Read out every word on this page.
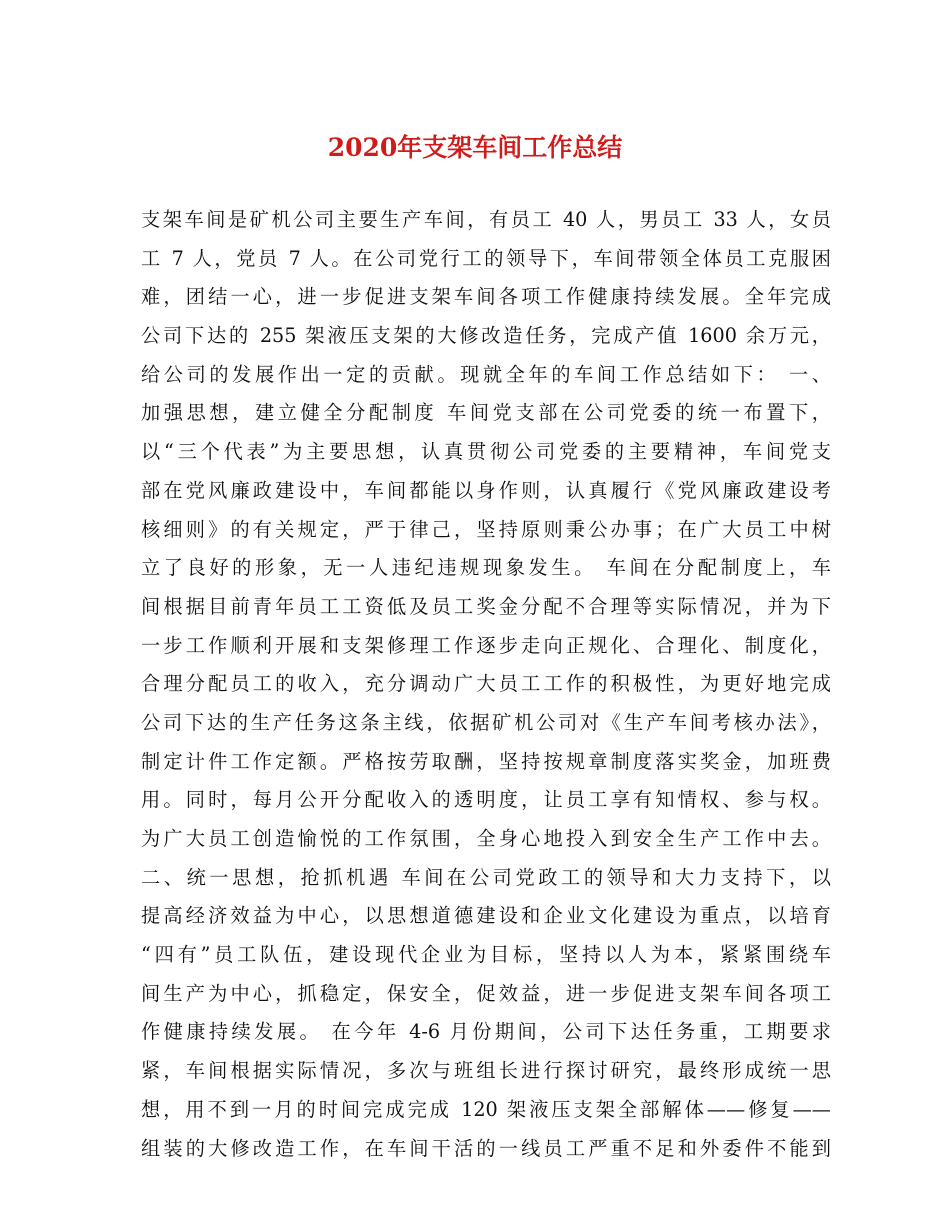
2020年支架车间工作总结
支架车间是矿机公司主要生产车间，有员工 40 人，男员工 33 人，女员
工 7 人，党员 7 人。在公司党行工的领导下，车间带领全体员工克服困
难，团结一心，进一步促进支架车间各项工作健康持续发展。全年完成
公司下达的 255 架液压支架的大修改造任务，完成产值 1600 余万元，
给公司的发展作出一定的贡献。现就全年的车间工作总结如下： 一、
加强思想，建立健全分配制度 车间党支部在公司党委的统一布置下，
以“三个代表”为主要思想，认真贯彻公司党委的主要精神，车间党支
部在党风廉政建设中，车间都能以身作则，认真履行《党风廉政建设考
核细则》的有关规定，严于律己，坚持原则秉公办事；在广大员工中树
立了良好的形象，无一人违纪违规现象发生。 车间在分配制度上，车
间根据目前青年员工工资低及员工奖金分配不合理等实际情况，并为下
一步工作顺利开展和支架修理工作逐步走向正规化、合理化、制度化，
合理分配员工的收入，充分调动广大员工工作的积极性，为更好地完成
公司下达的生产任务这条主线，依据矿机公司对《生产车间考核办法》，
制定计件工作定额。严格按劳取酬，坚持按规章制度落实奖金，加班费
用。同时，每月公开分配收入的透明度，让员工享有知情权、参与权。
为广大员工创造愉悦的工作氛围，全身心地投入到安全生产工作中去。
二、统一思想，抢抓机遇 车间在公司党政工的领导和大力支持下，以
提高经济效益为中心，以思想道德建设和企业文化建设为重点，以培育
“四有”员工队伍，建设现代企业为目标，坚持以人为本，紧紧围绕车
间生产为中心，抓稳定，保安全，促效益，进一步促进支架车间各项工
作健康持续发展。 在今年 4-6 月份期间，公司下达任务重，工期要求
紧，车间根据实际情况，多次与班组长进行探讨研究，最终形成统一思
想，用不到一月的时间完成完成 120 架液压支架全部解体——修复——
组装的大修改造工作，在车间干活的一线员工严重不足和外委件不能到
